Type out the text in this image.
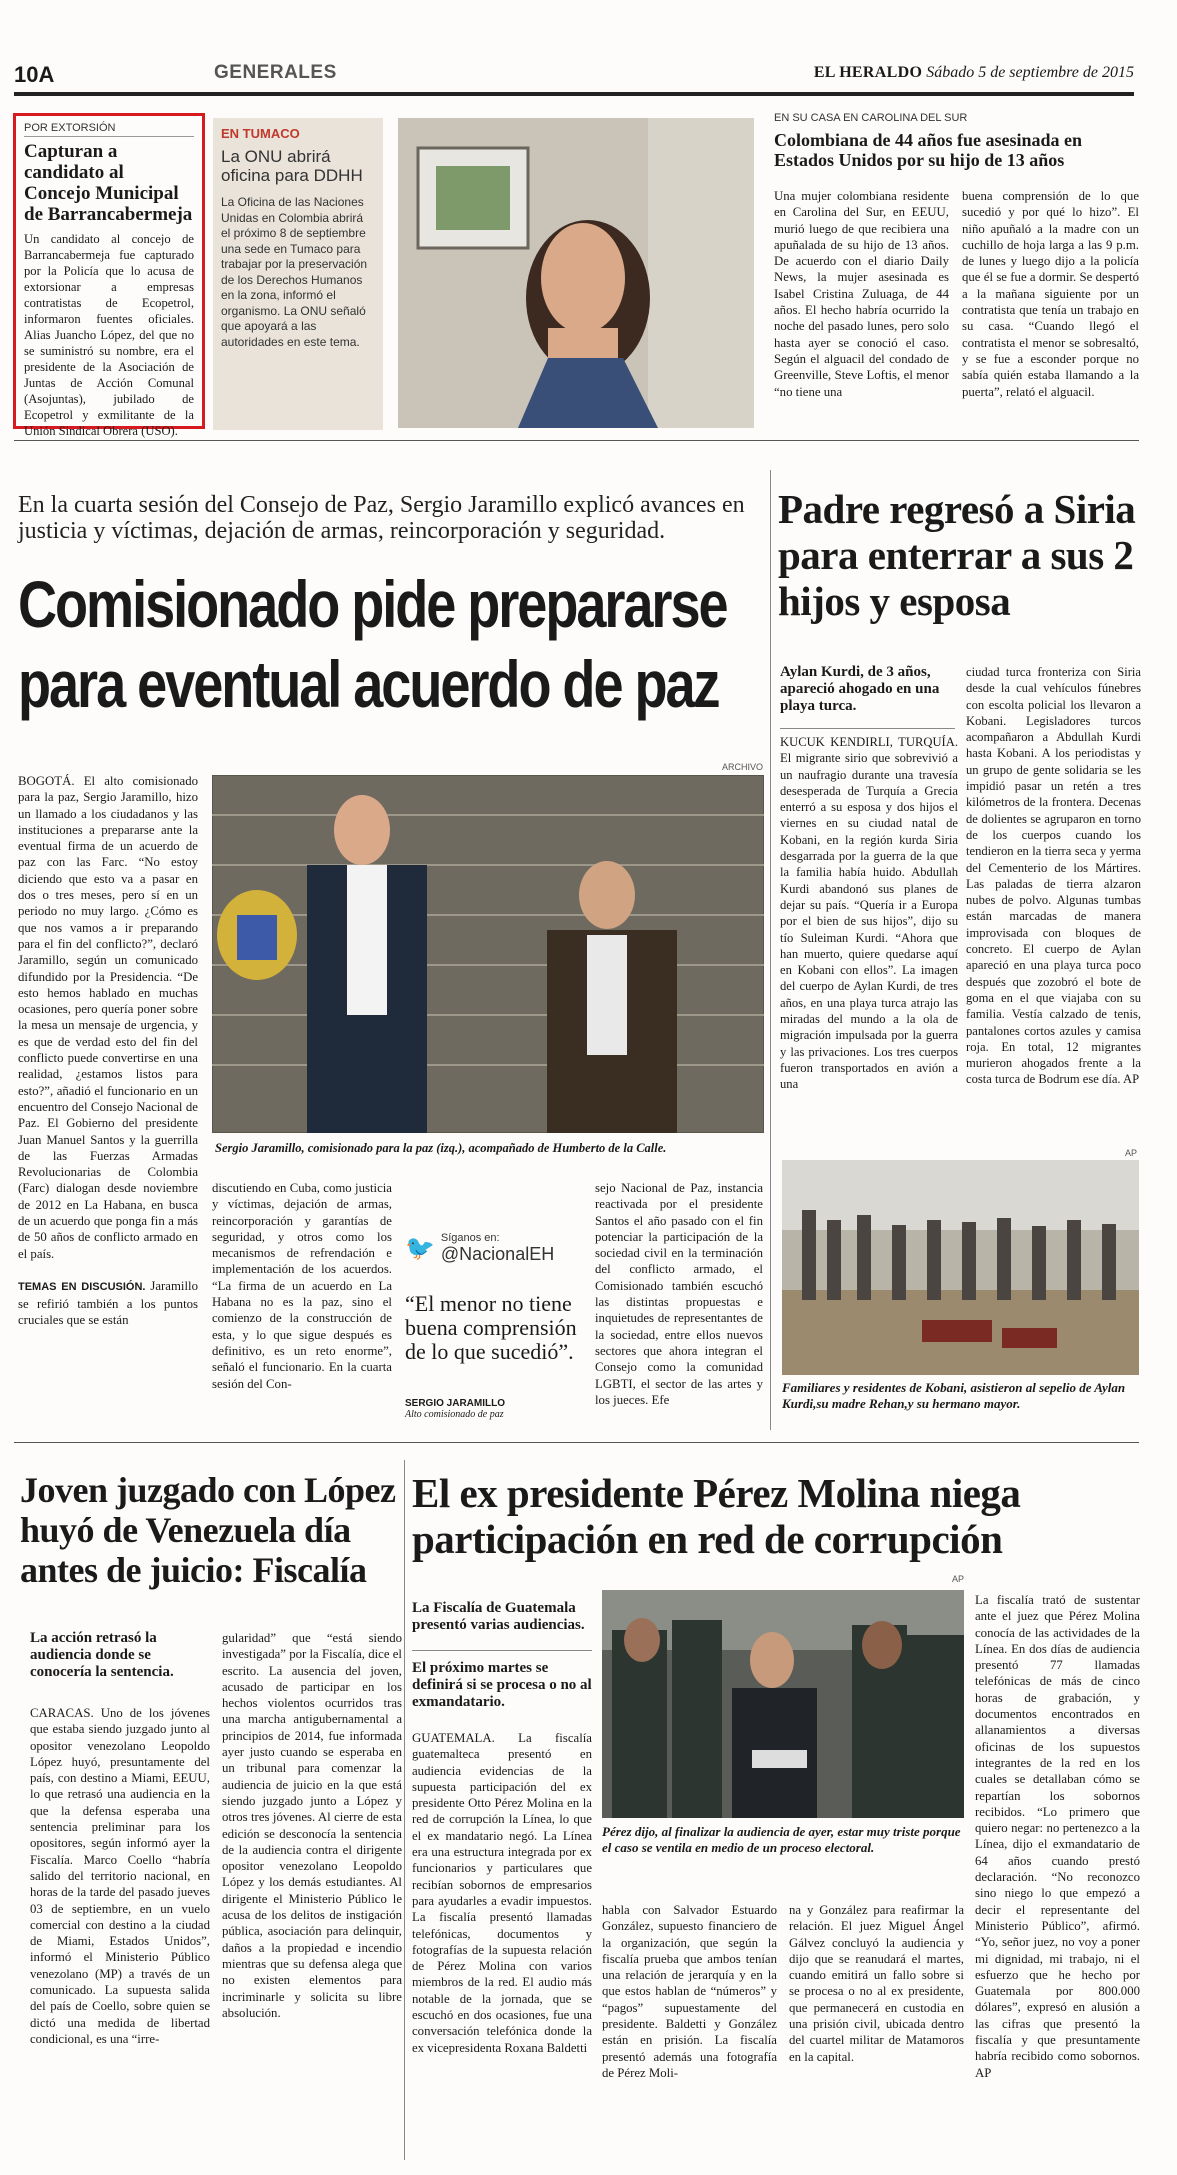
10A	GENERALES	EL HERALDO Sábado 5 de septiembre de 2015
POR EXTORSIÓN
Capturan a candidato al Concejo Municipal de Barrancabermeja
Un candidato al concejo de Barrancabermeja fue capturado por la Policía que lo acusa de extorsionar a empresas contratistas de Ecopetrol, informaron fuentes oficiales. Alias Juancho López, del que no se suministró su nombre, era el presidente de la Asociación de Juntas de Acción Comunal (Asojuntas), jubilado de Ecopetrol y exmilitante de la Unión Sindical Obrera (USO).
EN TUMACO
La ONU abrirá oficina para DDHH
La Oficina de las Naciones Unidas en Colombia abrirá el próximo 8 de septiembre una sede en Tumaco para trabajar por la preservación de los Derechos Humanos en la zona, informó el organismo. La ONU señaló que apoyará a las autoridades en este tema.
EN SU CASA EN CAROLINA DEL SUR
Colombiana de 44 años fue asesinada en Estados Unidos por su hijo de 13 años
Una mujer colombiana residente en Carolina del Sur, en EEUU, murió luego de que recibiera una apuñalada de su hijo de 13 años. De acuerdo con el diario Daily News, la mujer asesinada es Isabel Cristina Zuluaga, de 44 años. El hecho habría ocurrido la noche del pasado lunes, pero solo hasta ayer se conoció el caso. Según el alguacil del condado de Greenville, Steve Loftis, el menor “no tiene una
buena comprensión de lo que sucedió y por qué lo hizo”. El niño apuñaló a la madre con un cuchillo de hoja larga a las 9 p.m. de lunes y luego dijo a la policía que él se fue a dormir. Se despertó a la mañana siguiente por un contratista que tenía un trabajo en su casa. “Cuando llegó el contratista el menor se sobresaltó, y se fue a esconder porque no sabía quién estaba llamando a la puerta”, relató el alguacil.
En la cuarta sesión del Consejo de Paz, Sergio Jaramillo explicó avances en justicia y víctimas, dejación de armas, reincorporación y seguridad.
Comisionado pide prepararse
para eventual acuerdo de paz
ARCHIVO
BOGOTÁ. El alto comisionado para la paz, Sergio Jaramillo, hizo un llamado a los ciudadanos y las instituciones a prepararse ante la eventual firma de un acuerdo de paz con las Farc. “No estoy diciendo que esto va a pasar en dos o tres meses, pero sí en un periodo no muy largo. ¿Cómo es que nos vamos a ir preparando para el fin del conflicto?”, declaró Jaramillo, según un comunicado difundido por la Presidencia. “De esto hemos hablado en muchas ocasiones, pero quería poner sobre la mesa un mensaje de urgencia, y es que de verdad esto del fin del conflicto puede convertirse en una realidad, ¿estamos listos para esto?”, añadió el funcionario en un encuentro del Consejo Nacional de Paz. El Gobierno del presidente Juan Manuel Santos y la guerrilla de las Fuerzas Armadas Revolucionarias de Colombia (Farc) dialogan desde noviembre de 2012 en La Habana, en busca de un acuerdo que ponga fin a más de 50 años de conflicto armado en el país.

TEMAS EN DISCUSIÓN. Jaramillo se refirió también a los puntos cruciales que se están
Sergio Jaramillo, comisionado para la paz (izq.), acompañado de Humberto de la Calle.
discutiendo en Cuba, como justicia y víctimas, dejación de armas, reincorporación y garantías de seguridad, y otros como los mecanismos de refrendación e implementación de los acuerdos. “La firma de un acuerdo en La Habana no es la paz, sino el comienzo de la construcción de esta, y lo que sigue después es definitivo, es un reto enorme”, señaló el funcionario. En la cuarta sesión del Con-
🐦 Síganos en:
@NacionalEH
“El menor no tiene buena comprensión de lo que sucedió”.
SERGIO JARAMILLO
Alto comisionado de paz
sejo Nacional de Paz, instancia reactivada por el presidente Santos el año pasado con el fin potenciar la participación de la sociedad civil en la terminación del conflicto armado, el Comisionado también escuchó las distintas propuestas e inquietudes de representantes de la sociedad, entre ellos nuevos sectores que ahora integran el Consejo como la comunidad LGBTI, el sector de las artes y los jueces. Efe
Padre regresó a Siria para enterrar a sus 2 hijos y esposa
Aylan Kurdi, de 3 años, apareció ahogado en una playa turca.
KUCUK KENDIRLI, TURQUÍA. El migrante sirio que sobrevivió a un naufragio durante una travesía desesperada de Turquía a Grecia enterró a su esposa y dos hijos el viernes en su ciudad natal de Kobani, en la región kurda Siria desgarrada por la guerra de la que la familia había huido. Abdullah Kurdi abandonó sus planes de dejar su país. “Quería ir a Europa por el bien de sus hijos”, dijo su tío Suleiman Kurdi. “Ahora que han muerto, quiere quedarse aquí en Kobani con ellos”. La imagen del cuerpo de Aylan Kurdi, de tres años, en una playa turca atrajo las miradas del mundo a la ola de migración impulsada por la guerra y las privaciones. Los tres cuerpos fueron transportados en avión a una
ciudad turca fronteriza con Siria desde la cual vehículos fúnebres con escolta policial los llevaron a Kobani. Legisladores turcos acompañaron a Abdullah Kurdi hasta Kobani. A los periodistas y un grupo de gente solidaria se les impidió pasar un retén a tres kilómetros de la frontera. Decenas de dolientes se agruparon en torno de los cuerpos cuando los tendieron en la tierra seca y yerma del Cementerio de los Mártires. Las paladas de tierra alzaron nubes de polvo. Algunas tumbas están marcadas de manera improvisada con bloques de concreto. El cuerpo de Aylan apareció en una playa turca poco después que zozobró el bote de goma en el que viajaba con su familia. Vestía calzado de tenis, pantalones cortos azules y camisa roja. En total, 12 migrantes murieron ahogados frente a la costa turca de Bodrum ese día. AP
AP
Familiares y residentes de Kobani, asistieron al sepelio de Aylan Kurdi,su madre Rehan,y su hermano mayor.
Joven juzgado con López huyó de Venezuela día antes de juicio: Fiscalía
La acción retrasó la audiencia donde se conocería la sentencia.
CARACAS. Uno de los jóvenes que estaba siendo juzgado junto al opositor venezolano Leopoldo López huyó, presuntamente del país, con destino a Miami, EEUU, lo que retrasó una audiencia en la que la defensa esperaba una sentencia preliminar para los opositores, según informó ayer la Fiscalía. Marco Coello “habría salido del territorio nacional, en horas de la tarde del pasado jueves 03 de septiembre, en un vuelo comercial con destino a la ciudad de Miami, Estados Unidos”, informó el Ministerio Público venezolano (MP) a través de un comunicado. La supuesta salida del país de Coello, sobre quien se dictó una medida de libertad condicional, es una “irre-
gularidad” que “está siendo investigada” por la Fiscalía, dice el escrito. La ausencia del joven, acusado de participar en los hechos violentos ocurridos tras una marcha antigubernamental a principios de 2014, fue informada ayer justo cuando se esperaba en un tribunal para comenzar la audiencia de juicio en la que está siendo juzgado junto a López y otros tres jóvenes. Al cierre de esta edición se desconocía la sentencia de la audiencia contra el dirigente opositor venezolano Leopoldo López y los demás estudiantes. Al dirigente el Ministerio Público le acusa de los delitos de instigación pública, asociación para delinquir, daños a la propiedad e incendio mientras que su defensa alega que no existen elementos para incriminarle y solicita su libre absolución.
El ex presidente Pérez Molina niega participación en red de corrupción
La Fiscalía de Guatemala presentó varias audiencias.
El próximo martes se definirá si se procesa o no al exmandatario.
GUATEMALA. La fiscalía guatemalteca presentó en audiencia evidencias de la supuesta participación del ex presidente Otto Pérez Molina en la red de corrupción la Línea, lo que el ex mandatario negó. La Línea era una estructura integrada por ex funcionarios y particulares que recibían sobornos de empresarios para ayudarles a evadir impuestos. La fiscalía presentó llamadas telefónicas, documentos y fotografías de la supuesta relación de Pérez Molina con varios miembros de la red. El audio más notable de la jornada, que se escuchó en dos ocasiones, fue una conversación telefónica donde la ex vicepresidenta Roxana Baldetti
AP
Pérez dijo, al finalizar la audiencia de ayer, estar muy triste porque el caso se ventila en medio de un proceso electoral.
habla con Salvador Estuardo González, supuesto financiero de la organización, que según la fiscalía prueba que ambos tenían una relación de jerarquía y en la que estos hablan de “números” y “pagos” supuestamente del presidente. Baldetti y González están en prisión. La fiscalía presentó además una fotografía de Pérez Moli-
na y González para reafirmar la relación. El juez Miguel Ángel Gálvez concluyó la audiencia y dijo que se reanudará el martes, cuando emitirá un fallo sobre si se procesa o no al ex presidente, que permanecerá en custodia en una prisión civil, ubicada dentro del cuartel militar de Matamoros en la capital.
La fiscalía trató de sustentar ante el juez que Pérez Molina conocía de las actividades de la Línea. En dos días de audiencia presentó 77 llamadas telefónicas de más de cinco horas de grabación, y documentos encontrados en allanamientos a diversas oficinas de los supuestos integrantes de la red en los cuales se detallaban cómo se repartían los sobornos recibidos. “Lo primero que quiero negar: no pertenezco a la Línea, dijo el exmandatario de 64 años cuando prestó declaración. “No reconozco sino niego lo que empezó a decir el representante del Ministerio Público”, afirmó. “Yo, señor juez, no voy a poner mi dignidad, mi trabajo, ni el esfuerzo que he hecho por Guatemala por 800.000 dólares”, expresó en alusión a las cifras que presentó la fiscalía y que presuntamente habría recibido como sobornos. AP
